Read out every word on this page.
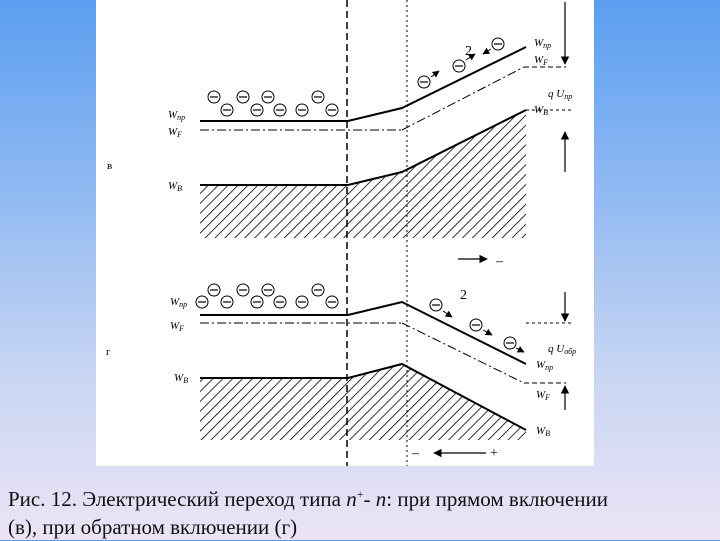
в
2
–
Wпр
WF
WВ
Wпр
WF
q Uпр
WВ
г
2
–	+
Wпр
WF
WВ
q Uобр
Wпр
WF
WВ
Рис. 12. Электрический переход типа n+- n: при прямом включении
(в), при обратном включении (г)
